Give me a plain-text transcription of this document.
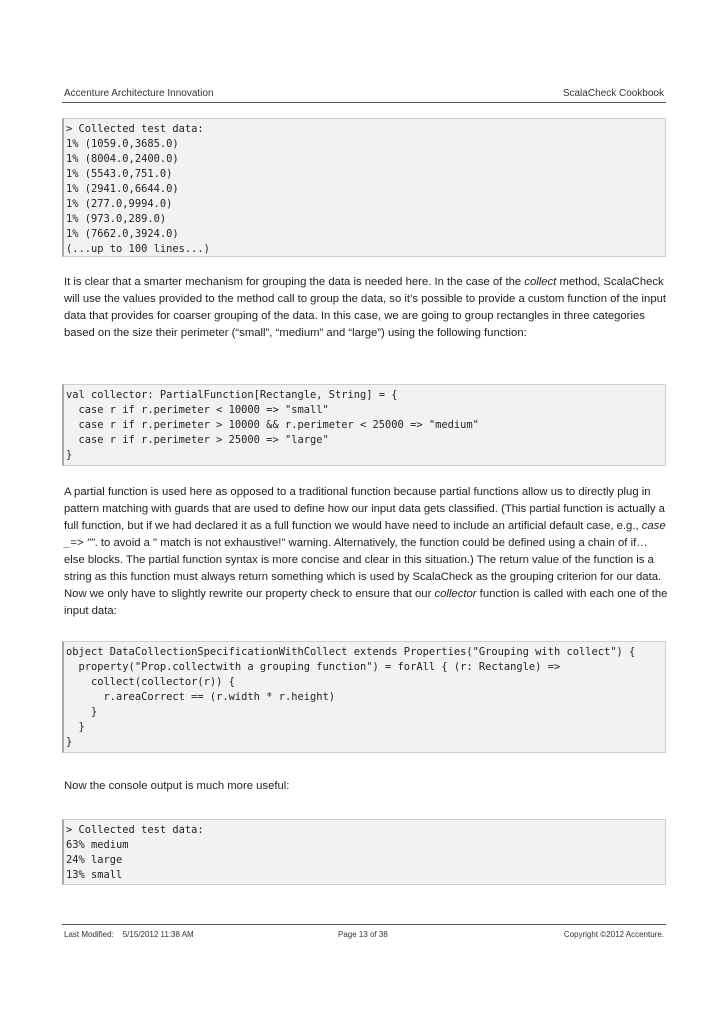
Accenture Architecture Innovation	ScalaCheck Cookbook
> Collected test data:
1% (1059.0,3685.0)
1% (8004.0,2400.0)
1% (5543.0,751.0)
1% (2941.0,6644.0)
1% (277.0,9994.0)
1% (973.0,289.0)
1% (7662.0,3924.0)
(...up to 100 lines...)

It is clear that a smarter mechanism for grouping the data is needed here. In the case of the collect method, ScalaCheck will use the values provided to the method call to group the data, so it’s possible to provide a custom function of the input data that provides for coarser grouping of the data. In this case, we are going to group rectangles in three categories based on the size their perimeter (“small”, “medium” and “large”) using the following function:

val collector: PartialFunction[Rectangle, String] = {
case r if r.perimeter < 10000 => "small"
case r if r.perimeter > 10000 && r.perimeter < 25000 => "medium"
case r if r.perimeter > 25000 => "large"
}

A partial function is used here as opposed to a traditional function because partial functions allow us to directly plug in pattern matching with guards that are used to define how our input data gets classified. (This partial function is actually a full function, but if we had declared it as a full function we would have need to include an artificial default case, e.g., case _=> "". to avoid a " match is not exhaustive!" warning. Alternatively, the function could be defined using a chain of if…else blocks. The partial function syntax is more concise and clear in this situation.) The return value of the function is a string as this function must always return something which is used by ScalaCheck as the grouping criterion for our data. Now we only have to slightly rewrite our property check to ensure that our collector function is called with each one of the input data:

object DataCollectionSpecificationWithCollect extends Properties("Grouping with collect") {
property("Prop.collectwith a grouping function") = forAll { (r: Rectangle) =>
collect(collector(r)) {
r.areaCorrect == (r.width * r.height)
}
}
}

Now the console output is much more useful:

> Collected test data:
63% medium
24% large
13% small
Last Modified:    5/15/2012 11:38 AM	Page 13 of 38	Copyright ©2012 Accenture.
